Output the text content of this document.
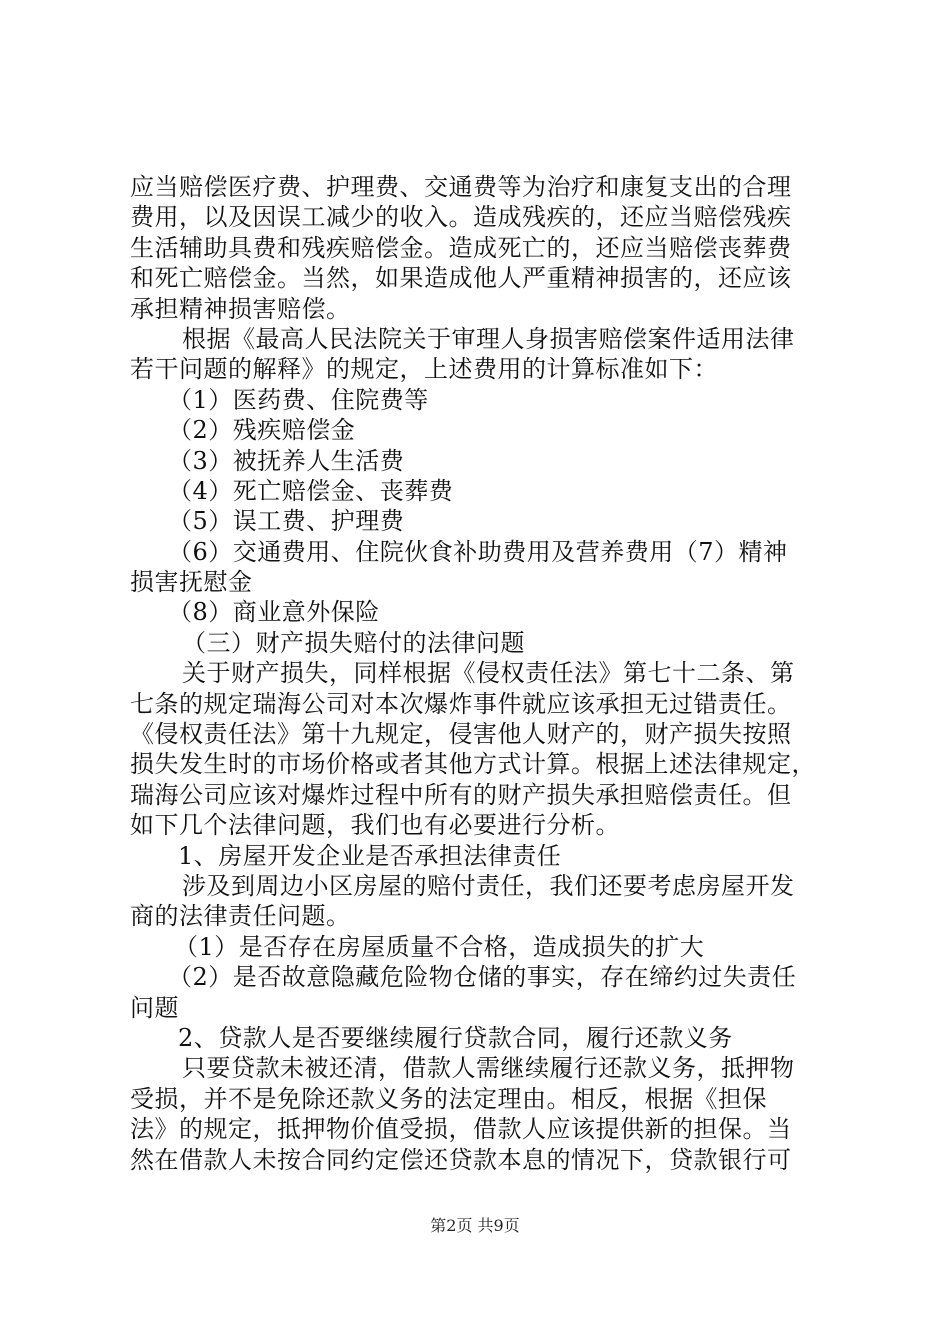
应当赔偿医疗费、护理费、交通费等为治疗和康复支出的合理
费用，以及因误工减少的收入。造成残疾的，还应当赔偿残疾
生活辅助具费和残疾赔偿金。造成死亡的，还应当赔偿丧葬费
和死亡赔偿金。当然，如果造成他人严重精神损害的，还应该
承担精神损害赔偿。
根据《最高人民法院关于审理人身损害赔偿案件适用法律
若干问题的解释》的规定，上述费用的计算标准如下：
（1）医药费、住院费等
（2）残疾赔偿金
（3）被抚养人生活费
（4）死亡赔偿金、丧葬费
（5）误工费、护理费
（6）交通费用、住院伙食补助费用及营养费用（7）精神
损害抚慰金
（8）商业意外保险
（三）财产损失赔付的法律问题
关于财产损失，同样根据《侵权责任法》第七十二条、第
七条的规定瑞海公司对本次爆炸事件就应该承担无过错责任。
《侵权责任法》第十九规定，侵害他人财产的，财产损失按照
损失发生时的市场价格或者其他方式计算。根据上述法律规定，
瑞海公司应该对爆炸过程中所有的财产损失承担赔偿责任。但
如下几个法律问题，我们也有必要进行分析。
1、房屋开发企业是否承担法律责任
涉及到周边小区房屋的赔付责任，我们还要考虑房屋开发
商的法律责任问题。
（1）是否存在房屋质量不合格，造成损失的扩大
（2）是否故意隐藏危险物仓储的事实，存在缔约过失责任
问题
2、贷款人是否要继续履行贷款合同，履行还款义务
只要贷款未被还清，借款人需继续履行还款义务，抵押物
受损，并不是免除还款义务的法定理由。相反，根据《担保
法》的规定，抵押物价值受损，借款人应该提供新的担保。当
然在借款人未按合同约定偿还贷款本息的情况下，贷款银行可
第2页 共9页
